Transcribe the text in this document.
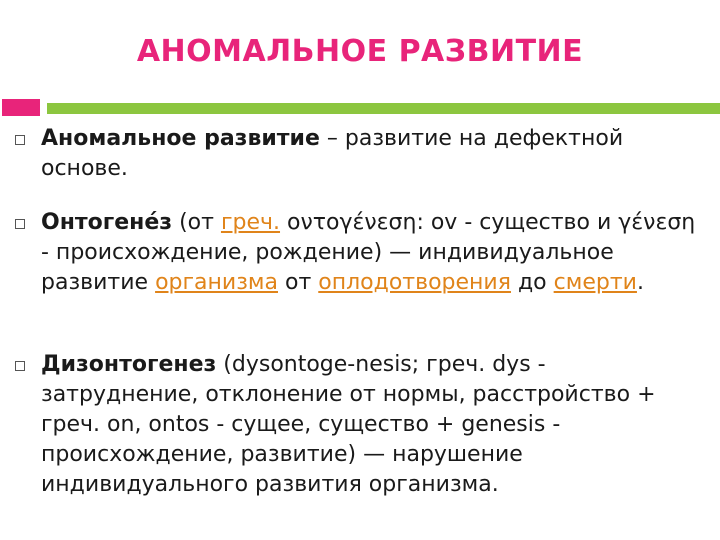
АНОМАЛЬНОЕ РАЗВИТИЕ
Аномальное развитие – развитие на дефектной основе.
Онтогене́з (от греч. οντογένεση: ov - существо и γένεση - происхождение, рождение) — индивидуальное развитие организма от оплодотворения до смерти.
Дизонтогенез (dysontoge-nesis; греч. dys - затруднение, отклонение от нормы, расстройство + греч. on, ontos - сущее, существо + genesis - происхождение, развитие) — нарушение индивидуального развития организма.
